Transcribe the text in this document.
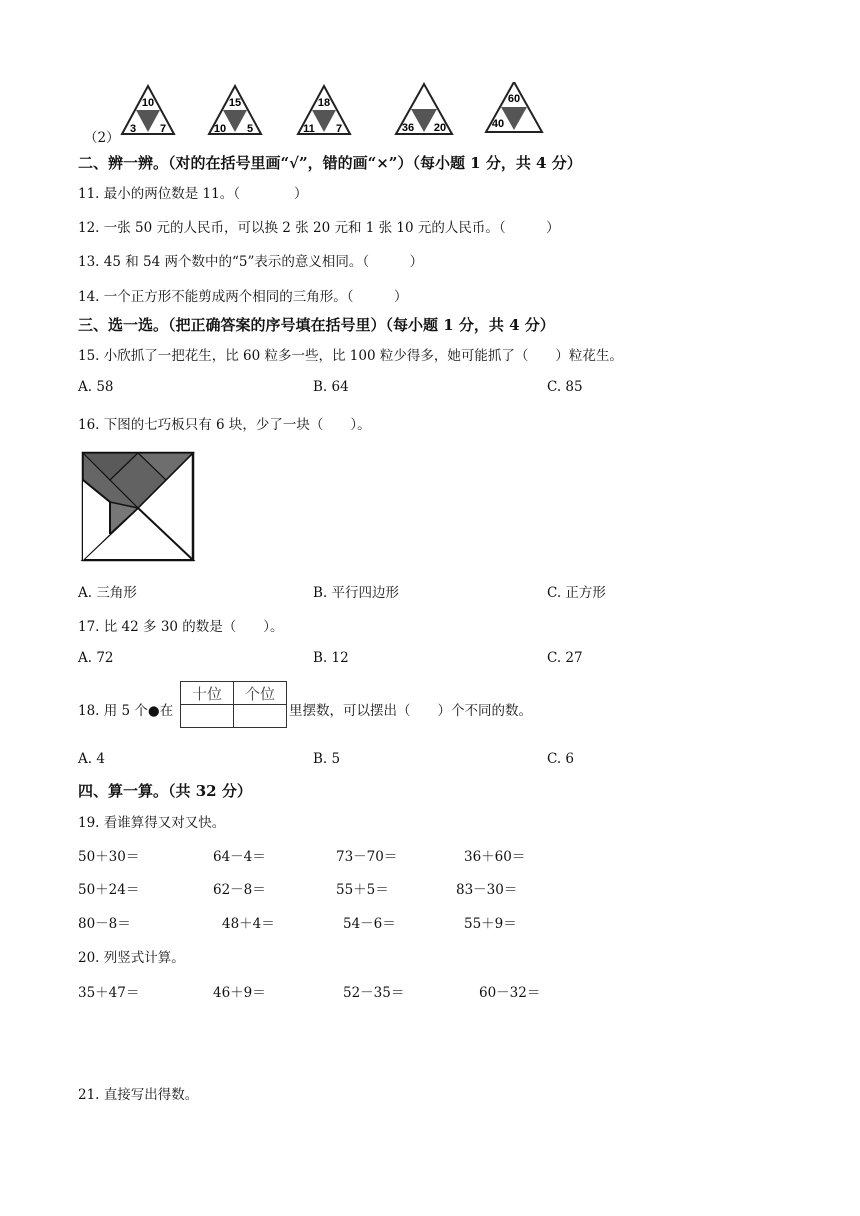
（2）
10
3 7
15
10 5
18
11 7	36 20
60
40
二、辨一辨。（对的在括号里画“√”，错的画“×”）（每小题 1 分，共 4 分）
11. 最小的两位数是 11。（　　　　）
12. 一张 50 元的人民币，可以换 2 张 20 元和 1 张 10 元的人民币。（　　　）
13. 45 和 54 两个数中的“5”表示的意义相同。（　　　）
14. 一个正方形不能剪成两个相同的三角形。（　　　）
三、选一选。（把正确答案的序号填在括号里）（每小题 1 分，共 4 分）
15. 小欣抓了一把花生，比 60 粒多一些，比 100 粒少得多，她可能抓了（　　）粒花生。
A. 58	B. 64	C. 85
16. 下图的七巧板只有 6 块，少了一块（　　）。
A. 三角形	B. 平行四边形	C. 正方形
17. 比 42 多 30 的数是（　　）。
A. 72	B. 12	C. 27
18. 用 5 个●在
十位	个位

里摆数，可以摆出（　　）个不同的数。
A. 4	B. 5	C. 6
四、算一算。（共 32 分）
19. 看谁算得又对又快。
50＋30＝	64－4＝	73－70＝	36＋60＝
50＋24＝	62－8＝	55＋5＝	83－30＝
80－8＝	48＋4＝	54－6＝	55＋9＝
20. 列竖式计算。
35＋47＝	46＋9＝	52－35＝	60－32＝
21. 直接写出得数。
